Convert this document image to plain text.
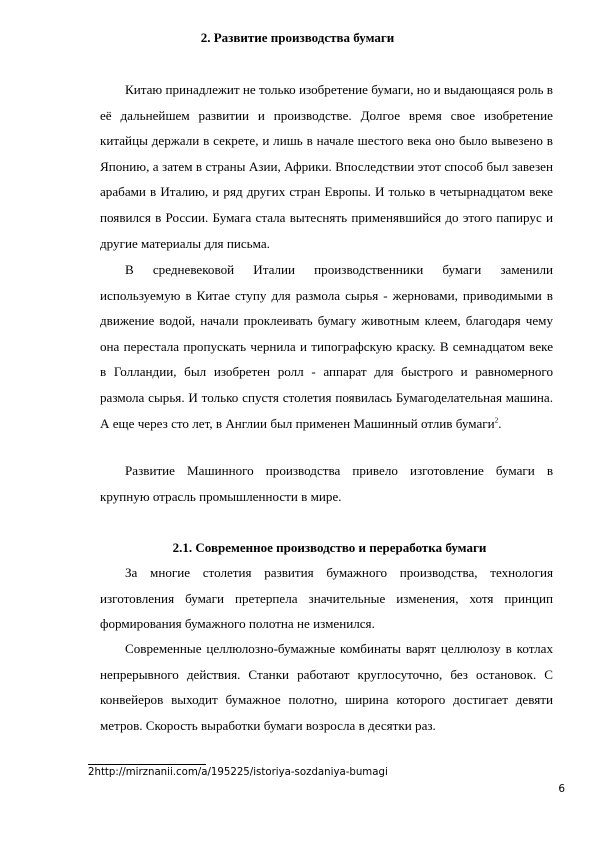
2. Развитие производства бумаги

Китаю принадлежит не только изобретение бумаги, но и выдающаяся роль в её дальнейшем развитии и производстве. Долгое время свое изобретение китайцы держали в секрете, и лишь в начале шестого века оно было вывезено в Японию, а затем в страны Азии, Африки. Впоследствии этот способ был завезен арабами в Италию, и ряд других стран Европы. И только в четырнадцатом веке появился в России. Бумага стала вытеснять применявшийся до этого папирус и другие материалы для письма.

В средневековой Италии производственники бумаги заменили используемую в Китае ступу для размола сырья - жерновами, приводимыми в движение водой, начали проклеивать бумагу животным клеем, благодаря чему она перестала пропускать чернила и типографскую краску. В семнадцатом веке в Голландии, был изобретен ролл - аппарат для быстрого и равномерного размола сырья. И только спустя столетия появилась Бумагоделательная машина. А еще через сто лет, в Англии был применен Машинный отлив бумаги$^2$.

Развитие Машинного производства привело изготовление бумаги в крупную отрасль промышленности в мире.

2.1. Современное производство и переработка бумаги

За многие столетия развития бумажного производства, технология изготовления бумаги претерпела значительные изменения, хотя принцип формирования бумажного полотна не изменился.

Современные целлюлозно-бумажные комбинаты варят целлюлозу в котлах непрерывного действия. Станки работают круглосуточно, без остановок. С конвейеров выходит бумажное полотно, ширина которого достигает девяти метров. Скорость выработки бумаги возросла в десятки раз.

2http://mirznanii.com/a/195225/istoriya-sozdaniya-bumagi
6
